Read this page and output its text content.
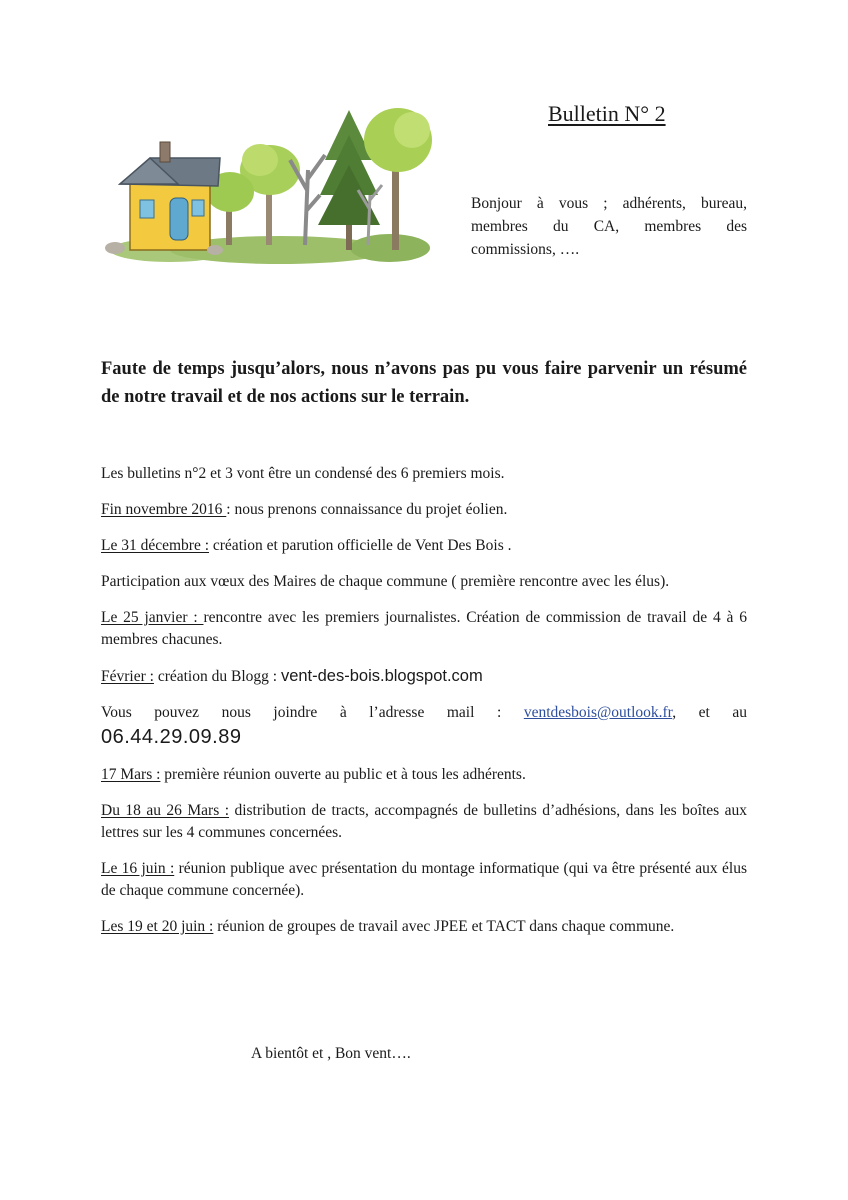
Bulletin N° 2
Bonjour à vous ; adhérents, bureau, membres du CA, membres des commissions, ….
Faute de temps jusqu’alors, nous n’avons pas pu vous faire parvenir un résumé de notre travail et de nos actions sur le terrain.

Les bulletins n°2 et 3 vont être un condensé des 6 premiers mois.

Fin novembre 2016 : nous prenons connaissance du projet éolien.

Le 31 décembre : création et parution officielle de Vent Des Bois .

Participation aux vœux des Maires de chaque commune ( première rencontre avec les élus).

Le 25 janvier : rencontre avec les premiers journalistes. Création de commission de travail de 4 à 6 membres chacunes.

Février : création du Blogg : vent-des-bois.blogspot.com

Vous pouvez nous joindre à l’adresse mail : ventdesbois@outlook.fr, et au

06.44.29.09.89

17 Mars : première réunion ouverte au public et à tous les adhérents.

Du 18 au 26 Mars : distribution de tracts, accompagnés de bulletins d’adhésions, dans les boîtes aux lettres sur les 4 communes concernées.

Le 16 juin : réunion publique avec présentation du montage informatique (qui va être présenté aux élus de chaque commune concernée).

Les 19 et 20 juin : réunion de groupes de travail avec JPEE et TACT dans chaque commune.

A bientôt et , Bon vent….
